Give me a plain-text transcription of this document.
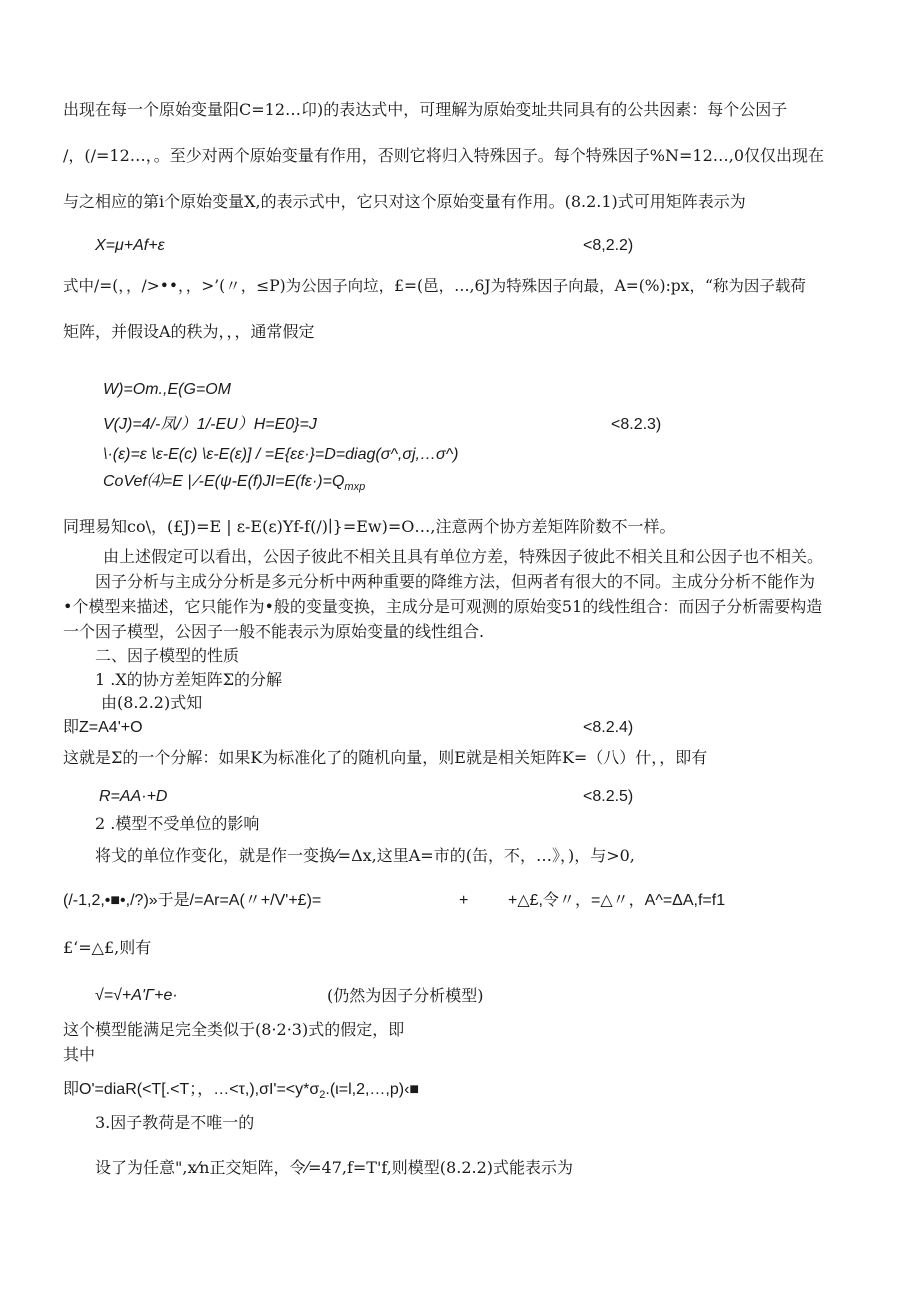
出现在每一个原始变量阳C=12…卬)的表达式中，可理解为原始变址共同具有的公共因素：每个公因子
/，(/=12…，。至少对两个原始变量有作用，否则它将归入特殊因子。每个特殊因子%N=12…,0仅仅出现在
与之相应的第i个原始变量X,的表示式中，它只对这个原始变量有作用。(8.2.1)式可用矩阵表示为
X=μ+Af+ε	<8,2.2)
式中/=(，，/>••，，>’(〃，≤P)为公因子向垃，£=(邑，…,6J为特殊因子向最，A=(%):px，“称为因子载荷
矩阵，并假设A的秩为，，，通常假定
W)=Om.,E(G=OM
V(J)=4/-凤/）1/-EU）H=E0}=J	<8.2.3)
\·(ε)=ε \ε-E(c) \ε-E(ε)] / =E{εε·}=D=diag(σ^,σj,…σ^)
CoVef⑷=E | $⁄-E(\psi-E(f)JI=E(f\varepsilon\cdot)=Q_{mxp}$
同理易知co\，(£J)=E | ε-E(ε)Yf-f(/)∣}=Ew)=O…,注意两个协方差矩阵阶数不一样。
由上述假定可以看出，公因子彼此不相关且具有单位方差，特殊因子彼此不相关且和公因子也不相关。
因子分析与主成分分析是多元分析中两种重要的降维方法，但两者有很大的不同。主成分分析不能作为
•个模型来描述，它只能作为•般的变量变换，主成分是可观测的原始变51的线性组合：而因子分析需要构造
一个因子模型，公因子一般不能表示为原始变量的线性组合.
二、因子模型的性质
1 .X的协方差矩阵Σ的分解
由(8.2.2)式知
即Z=A4'+O	<8.2.4)
这就是Σ的一个分解：如果K为标准化了的随机向量，则E就是相关矩阵K=（八）什，，即有
R=AA·+D	<8.2.5)
2 .模型不受单位的影响
将戈的单位作变化，就是作一变换⁄=Δx,这里A=市的(缶，不，…》，)，与>0,
(/-1,2,•■•,/?)»于是/=Ar=A(〃+/V'+£)=	+ +△£,令〃，=△〃，A^=ΔA,f=f1
£‘=△£,则有
√=√+A'Γ+e·	(仍然为因子分析模型)
这个模型能满足完全类似于(8·2·3)式的假定，即
其中
即O'=diaR(<T[.<T；，$\dots<\tau,),\sigma I'=<y*\sigma_2.(\iota=l,2,\dots,p)‹■$
3.因子教荷是不唯一的
设了为任意",x⁄n正交矩阵，令⁄=47,f=T'f,则模型(8.2.2)式能表示为
